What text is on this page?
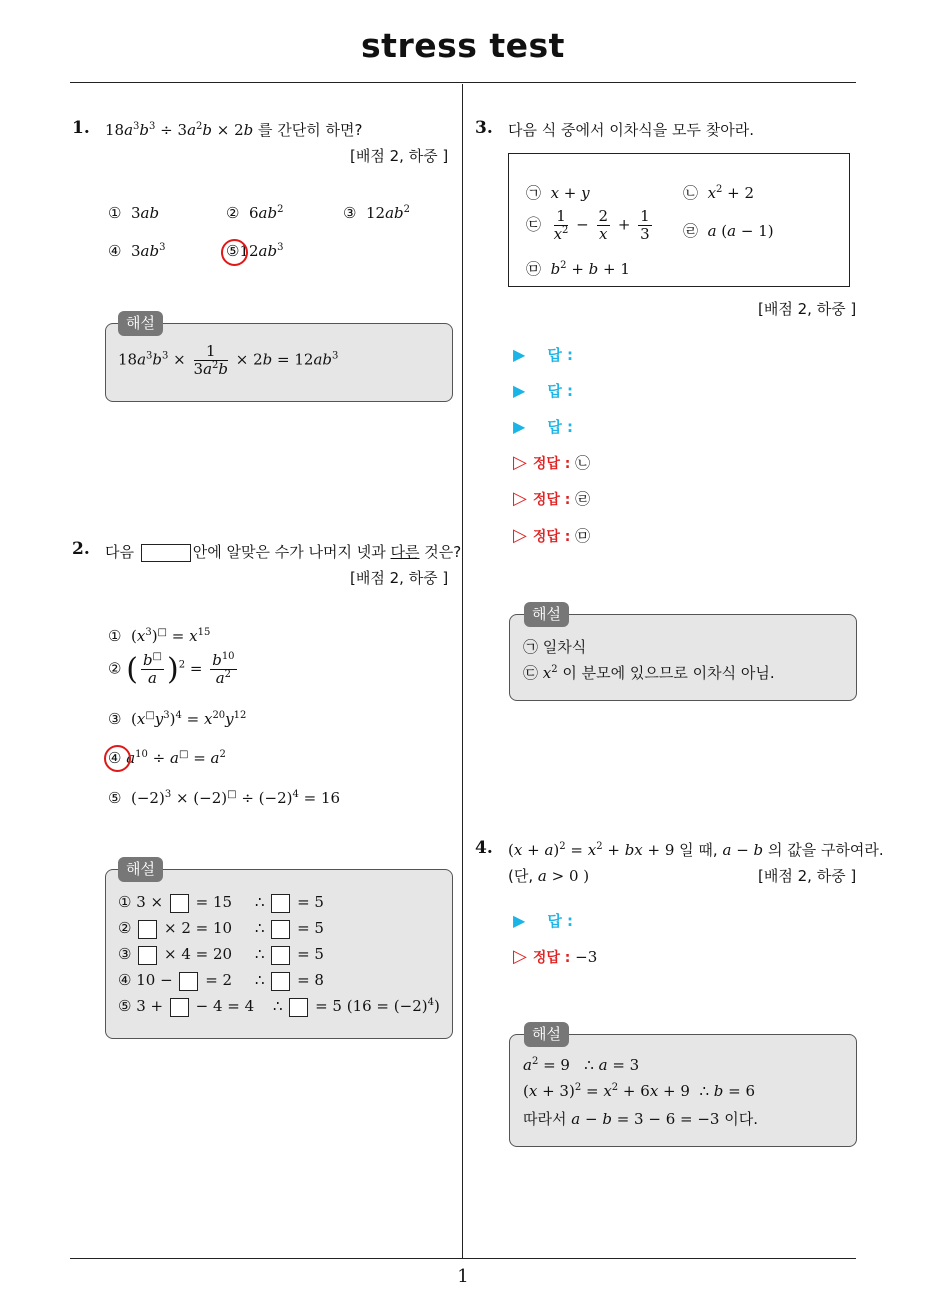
stress test
1
1. $18a^3b^3 \div 3a^2b \times 2b$ 를 간단히 하면?
[배점 2, 하중 ]
①  3ab	②  $6ab^2$	③  $12ab^2$
④  $3ab^3$	$⑤12ab^3$
해설
$18a^3b^3 \times \frac{1}{3a^2b} \times 2b = 12ab^3$
2. 다음	안에 알맞은 수가 나머지 넷과 다른 것은?
[배점 2, 하중 ]
①  $(x^3)^□ = x^{15}$
② ( $\frac{b^□}{a} )^2 = \frac{b^{10}}{a^2}$
③  $(x^□y^3)^4 = x^{20}y^{12}$
④ $a^{10} \div a^□ = a^2$
⑤  $(-2)^3 \times (-2)^□ \div (-2)^4 = 16$
해설
① 3 ×  = 15 ∴  = 5
②  × 2 = 10 ∴  = 5
③  × 4 = 20 ∴  = 5
④ 10 −  = 2 ∴  = 8
⑤ 3 +  − 4 = 4 ∴  = 5 $(16 = (-2)^4)$
3. 다음 식 중에서 이차식을 모두 찾아라.
㉠ x + y	㉡ $x^2 + 2$
㉢ $\frac{1}{x^2} - \frac{2}{x} + \frac{1}{3}$ ㉣ a (a − 1)
㉤ $b^2 + b + 1$
[배점 2, 하중 ]
▶ 답 :
▶ 답 :
▶ 답 :
▷ 정답 : ㉡
▷ 정답 : ㉣
▷ 정답 : ㉤
해설
㉠ 일차식
㉢ $x^2$ 이 분모에 있으므로 이차식 아님.
4. $(x + a)^2 = x^2$ + bx + 9 일 때, a − b 의 값을 구하여라.
(단, a > 0 )	[배점 2, 하중 ]
▶ 답 :
▷ 정답 : −3
해설
$a^2 = 9$   ∴ a = 3
$(x + 3)^2 = x^2 + 6x + 9$  ∴ b = 6
따라서 a − b = 3 − 6 = −3 이다.
